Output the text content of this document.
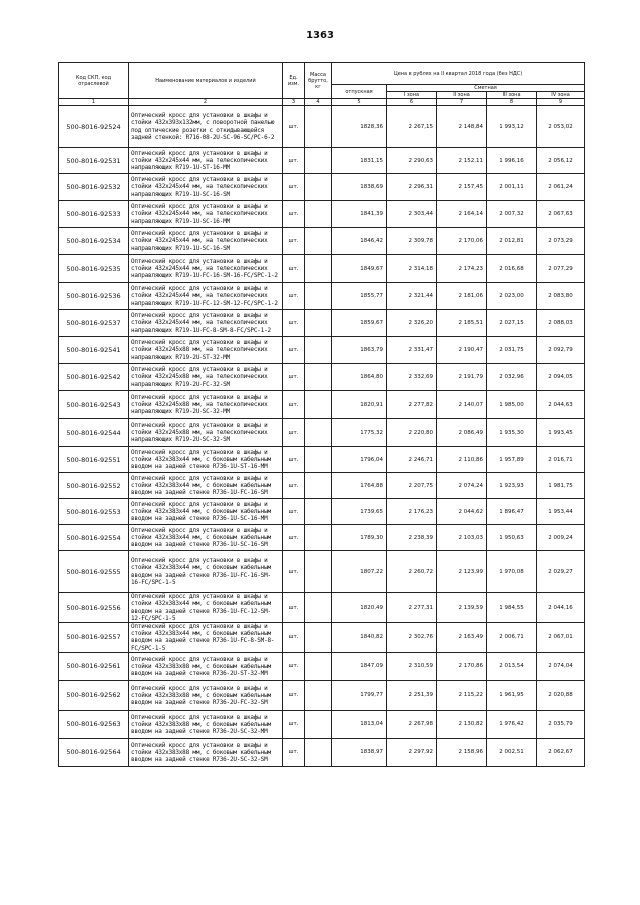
1363
Код СКП, код отраслевой	Наименование материалов и изделий	Ед. изм.	Масса брутто, кг	Цена в рублях на II квартал 2018 года (без НДС)				
				отпускная	Сметная			
					I зона	II зона	III зона	IV зона
1	2	3	4	5	6	7	8	9
500-8016-92524	Оптический кросс для установки в шкафы и стойки 432х393х132мм, с поворотной панелью под оптические розетки с откидывающейся задней стенкой: R716-08-2U-SC-96-SC/PC-6-2	шт.		1828,36	2 267,15	2 148,84	1 993,12	2 053,02
500-8016-92531	Оптический кросс для установки в шкафы и стойки 432х245х44 мм, на телескопических направляющих R719-1U-ST-16-MM	шт.		1831,15	2 290,63	2 152,11	1 996,16	2 056,12
500-8016-92532	Оптический кросс для установки в шкафы и стойки 432х245х44 мм, на телескопических направляющих R719-1U-SC-16-SM	шт.		1838,69	2 296,31	2 157,45	2 001,11	2 061,24
500-8016-92533	Оптический кросс для установки в шкафы и стойки 432х245х44 мм, на телескопических направляющих R719-1U-SC-16-MM	шт.		1841,39	2 303,44	2 164,14	2 007,32	2 067,63
500-8016-92534	Оптический кросс для установки в шкафы и стойки 432х245х44 мм, на телескопических направляющих R719-1U-SC-16-SM	шт.		1846,42	2 309,78	2 170,06	2 012,81	2 073,29
500-8016-92535	Оптический кросс для установки в шкафы и стойки 432х245х44 мм, на телескопических направляющих R719-1U-FC-16-SM-16-FC/SPC-1-2	шт.		1849,67	2 314,18	2 174,23	2 016,68	2 077,29
500-8016-92536	Оптический кросс для установки в шкафы и стойки 432х245х44 мм, на телескопических направляющих R719-1U-FC-12-SM-12-FC/SPC-1-2	шт.		1855,77	2 321,44	2 181,06	2 023,00	2 083,80
500-8016-92537	Оптический кросс для установки в шкафы и стойки 432х245х44 мм, на телескопических направляющих R719-1U-FC-8-SM-8-FC/SPC-1-2	шт.		1859,67	2 326,20	2 185,51	2 027,15	2 088,03
500-8016-92541	Оптический кросс для установки в шкафы и стойки 432х245х88 мм, на телескопических направляющих R719-2U-ST-32-MM	шт.		1863,79	2 331,47	2 190,47	2 031,75	2 092,79
500-8016-92542	Оптический кросс для установки в шкафы и стойки 432х245х88 мм, на телескопических направляющих R719-2U-FC-32-SM	шт.		1864,80	2 332,69	2 191,79	2 032,96	2 094,05
500-8016-92543	Оптический кросс для установки в шкафы и стойки 432х245х88 мм, на телескопических направляющих R719-2U-SC-32-MM	шт.		1820,91	2 277,82	2 140,07	1 985,00	2 044,63
500-8016-92544	Оптический кросс для установки в шкафы и стойки 432х245х88 мм, на телескопических направляющих R719-2U-SC-32-SM	шт.		1775,32	2 220,80	2 086,49	1 935,30	1 993,45
500-8016-92551	Оптический кросс для установки в шкафы и стойки 432х383х44 мм, с боковым кабельным вводом на задней стенке R736-1U-ST-16-MM	шт.		1796,04	2 246,71	2 110,86	1 957,89	2 016,71
500-8016-92552	Оптический кросс для установки в шкафы и стойки 432х383х44 мм, с боковым кабельным вводом на задней стенке R736-1U-FC-16-SM	шт.		1764,88	2 207,75	2 074,24	1 923,93	1 981,75
500-8016-92553	Оптический кросс для установки в шкафы и стойки 432х383х44 мм, с боковым кабельным вводом на задней стенке R736-1U-SC-16-MM	шт.		1739,65	2 176,23	2 044,62	1 896,47	1 953,44
500-8016-92554	Оптический кросс для установки в шкафы и стойки 432х383х44 мм, с боковым кабельным вводом на задней стенке R736-1U-SC-16-SM	шт.		1789,30	2 238,39	2 103,03	1 950,63	2 009,24
500-8016-92555	Оптический кросс для установки в шкафы и стойки 432х383х44 мм, с боковым кабельным вводом на задней стенке R736-1U-FC-16-SM-16-FC/SPC-1-5	шт.		1807,22	2 260,72	2 123,99	1 970,08	2 029,27
500-8016-92556	Оптический кросс для установки в шкафы и стойки 432х383х44 мм, с боковым кабельным вводом на задней стенке R736-1U-FC-12-SM-12-FC/SPC-1-5	шт.		1820,49	2 277,31	2 139,59	1 984,55	2 044,16
500-8016-92557	Оптический кросс для установки в шкафы и стойки 432х383х44 мм, с боковым кабельным вводом на задней стенке R736-1U-FC-8-SM-8-FC/SPC-1-5	шт.		1840,82	2 302,76	2 163,49	2 006,71	2 067,01
500-8016-92561	Оптический кросс для установки в шкафы и стойки 432х383х88 мм, с боковым кабельным вводом на задней стенке R736-2U-ST-32-MM	шт.		1847,09	2 310,59	2 170,86	2 013,54	2 074,04
500-8016-92562	Оптический кросс для установки в шкафы и стойки 432х383х88 мм, с боковым кабельным вводом на задней стенке R736-2U-FC-32-SM	шт.		1799,77	2 251,39	2 115,22	1 961,95	2 020,88
500-8016-92563	Оптический кросс для установки в шкафы и стойки 432х383х88 мм, с боковым кабельным вводом на задней стенке R736-2U-SC-32-MM	шт.		1813,04	2 267,98	2 130,82	1 976,42	2 035,79
500-8016-92564	Оптический кросс для установки в шкафы и стойки 432х383х88 мм, с боковым кабельным вводом на задней стенке R736-2U-SC-32-SM	шт.		1838,97	2 297,92	2 158,96	2 002,51	2 062,67
